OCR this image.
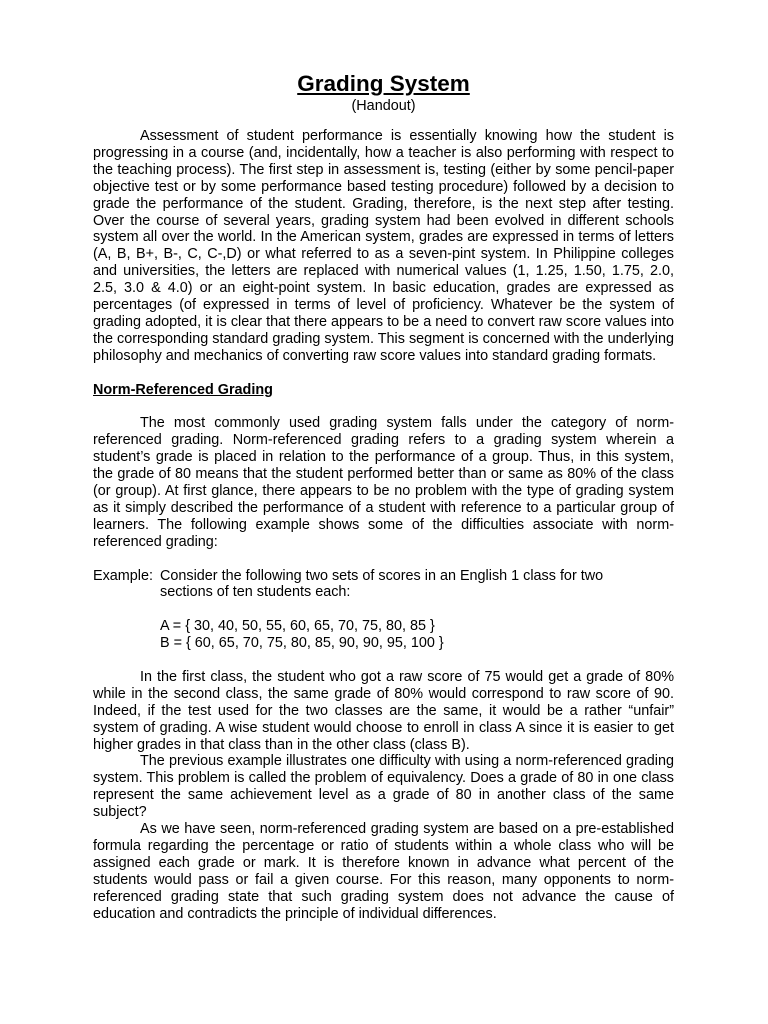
Grading System
(Handout)

Assessment of student performance is essentially knowing how the student is progressing in a course (and, incidentally, how a teacher is also performing with respect to the teaching process). The first step in assessment is, testing (either by some pencil-paper objective test or by some performance based testing procedure) followed by a decision to grade the performance of the student. Grading, therefore, is the next step after testing. Over the course of several years, grading system had been evolved in different schools system all over the world. In the American system, grades are expressed in terms of letters (A, B, B+, B-, C, C-,D) or what referred to as a seven-pint system. In Philippine colleges and universities, the letters are replaced with numerical values (1, 1.25, 1.50, 1.75, 2.0, 2.5, 3.0 & 4.0) or an eight-point system. In basic education, grades are expressed as percentages (of expressed in terms of level of proficiency. Whatever be the system of grading adopted, it is clear that there appears to be a need to convert raw score values into the corresponding standard grading system. This segment is concerned with the underlying philosophy and mechanics of converting raw score values into standard grading formats.

Norm-Referenced Grading

The most commonly used grading system falls under the category of norm-referenced grading. Norm-referenced grading refers to a grading system wherein a student’s grade is placed in relation to the performance of a group. Thus, in this system, the grade of 80 means that the student performed better than or same as 80% of the class (or group). At first glance, there appears to be no problem with the type of grading system as it simply described the performance of a student with reference to a particular group of learners. The following example shows some of the difficulties associate with norm-referenced grading:

Example: Consider the following two sets of scores in an English 1 class for two sections of ten students each:
A = { 30, 40, 50, 55, 60, 65, 70, 75, 80, 85 }
B = { 60, 65, 70, 75, 80, 85, 90, 90, 95, 100 }

In the first class, the student who got a raw score of 75 would get a grade of 80% while in the second class, the same grade of 80% would correspond to raw score of 90. Indeed, if the test used for the two classes are the same, it would be a rather “unfair” system of grading. A wise student would choose to enroll in class A since it is easier to get higher grades in that class than in the other class (class B).

The previous example illustrates one difficulty with using a norm-referenced grading system. This problem is called the problem of equivalency. Does a grade of 80 in one class represent the same achievement level as a grade of 80 in another class of the same subject?

As we have seen, norm-referenced grading system are based on a pre-established formula regarding the percentage or ratio of students within a whole class who will be assigned each grade or mark. It is therefore known in advance what percent of the students would pass or fail a given course. For this reason, many opponents to norm-referenced grading state that such grading system does not advance the cause of education and contradicts the principle of individual differences.
